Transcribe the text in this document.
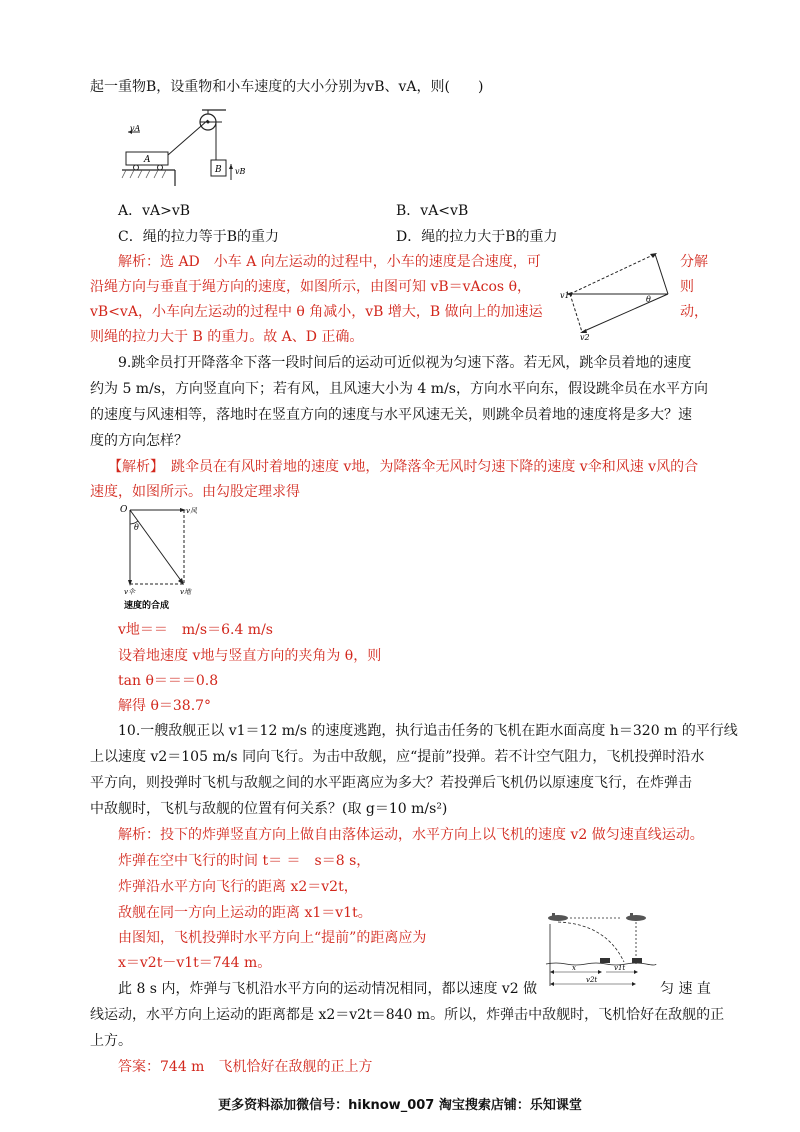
起一重物B，设重物和小车速度的大小分别为vB、vA，则(　　)
vA
A
B vB
A．vA>vB	B．vA<vB
C．绳的拉力等于B的重力	D．绳的拉力大于B的重力
解析：选 AD　小车 A 向左运动的过程中，小车的速度是合速度，可
沿绳方向与垂直于绳方向的速度，如图所示，由图可知 vB＝vAcos θ，
vB<vA，小车向左运动的过程中 θ 角减小，vB 增大，B 做向上的加速运
则绳的拉力大于 B 的重力。故 A、D 正确。
分解
则
动，
v1	θ
v2
9.跳伞员打开降落伞下落一段时间后的运动可近似视为匀速下落。若无风，跳伞员着地的速度
约为 5 m/s，方向竖直向下；若有风，且风速大小为 4 m/s，方向水平向东，假设跳伞员在水平方向
的速度与风速相等，落地时在竖直方向的速度与水平风速无关，则跳伞员着地的速度将是多大？速
度的方向怎样？
【解析】　跳伞员在有风时着地的速度 v地，为降落伞无风时匀速下降的速度 v伞和风速 v风的合
速度，如图所示。由勾股定理求得
O	v风
θ
v伞	v地
速度的合成
v地＝＝　m/s＝6.4 m/s
设着地速度 v地与竖直方向的夹角为 θ，则
tan θ＝＝＝0.8
解得 θ＝38.7°
10.一艘敌舰正以 v1＝12 m/s 的速度逃跑，执行追击任务的飞机在距水面高度 h＝320 m 的平行线
上以速度 v2＝105 m/s 同向飞行。为击中敌舰，应“提前”投弹。若不计空气阻力，飞机投弹时沿水
平方向，则投弹时飞机与敌舰之间的水平距离应为多大？若投弹后飞机仍以原速度飞行，在炸弹击
中敌舰时，飞机与敌舰的位置有何关系？(取 g＝10 m/s²)
解析：投下的炸弹竖直方向上做自由落体运动，水平方向上以飞机的速度 v2 做匀速直线运动。
炸弹在空中飞行的时间 t＝ ＝　s＝8 s，
炸弹沿水平方向飞行的距离 x2＝v2t，
敌舰在同一方向上运动的距离 x1＝v1t。
由图知，飞机投弹时水平方向上“提前”的距离应为
x＝v2t－v1t＝744 m。
此 8 s 内，炸弹与飞机沿水平方向的运动情况相同，都以速度 v2 做	匀 速 直
线运动，水平方向上运动的距离都是 x2＝v2t＝840 m。所以，炸弹击中敌舰时，飞机恰好在敌舰的正
上方。
x	v1t
v2t
答案：744 m　飞机恰好在敌舰的正上方
更多资料添加微信号：hiknow_007 淘宝搜索店铺：乐知课堂
